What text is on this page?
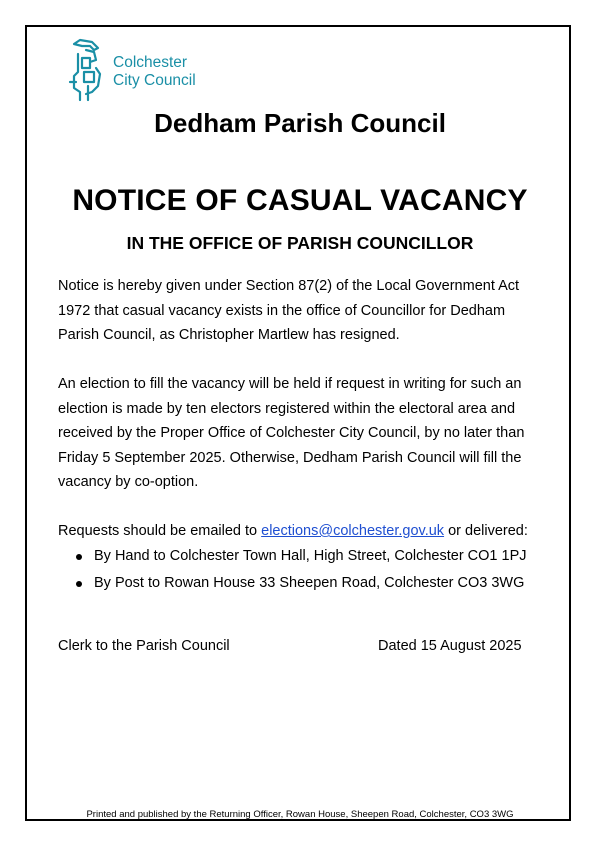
Colchester
City Council
Dedham Parish Council
NOTICE OF CASUAL VACANCY
IN THE OFFICE OF PARISH COUNCILLOR

Notice is hereby given under Section 87(2) of the Local Government Act 1972 that casual vacancy exists in the office of Councillor for Dedham Parish Council, as Christopher Martlew has resigned.

An election to fill the vacancy will be held if request in writing for such an election is made by ten electors registered within the electoral area and received by the Proper Office of Colchester City Council, by no later than Friday 5 September 2025. Otherwise, Dedham Parish Council will fill the vacancy by co-option.

Requests should be emailed to elections@colchester.gov.uk or delivered:

By Hand to Colchester Town Hall, High Street, Colchester CO1 1PJ
By Post to Rowan House 33 Sheepen Road, Colchester CO3 3WG
Clerk to the Parish Council	Dated 15 August 2025
Printed and published by the Returning Officer, Rowan House, Sheepen Road, Colchester, CO3 3WG
